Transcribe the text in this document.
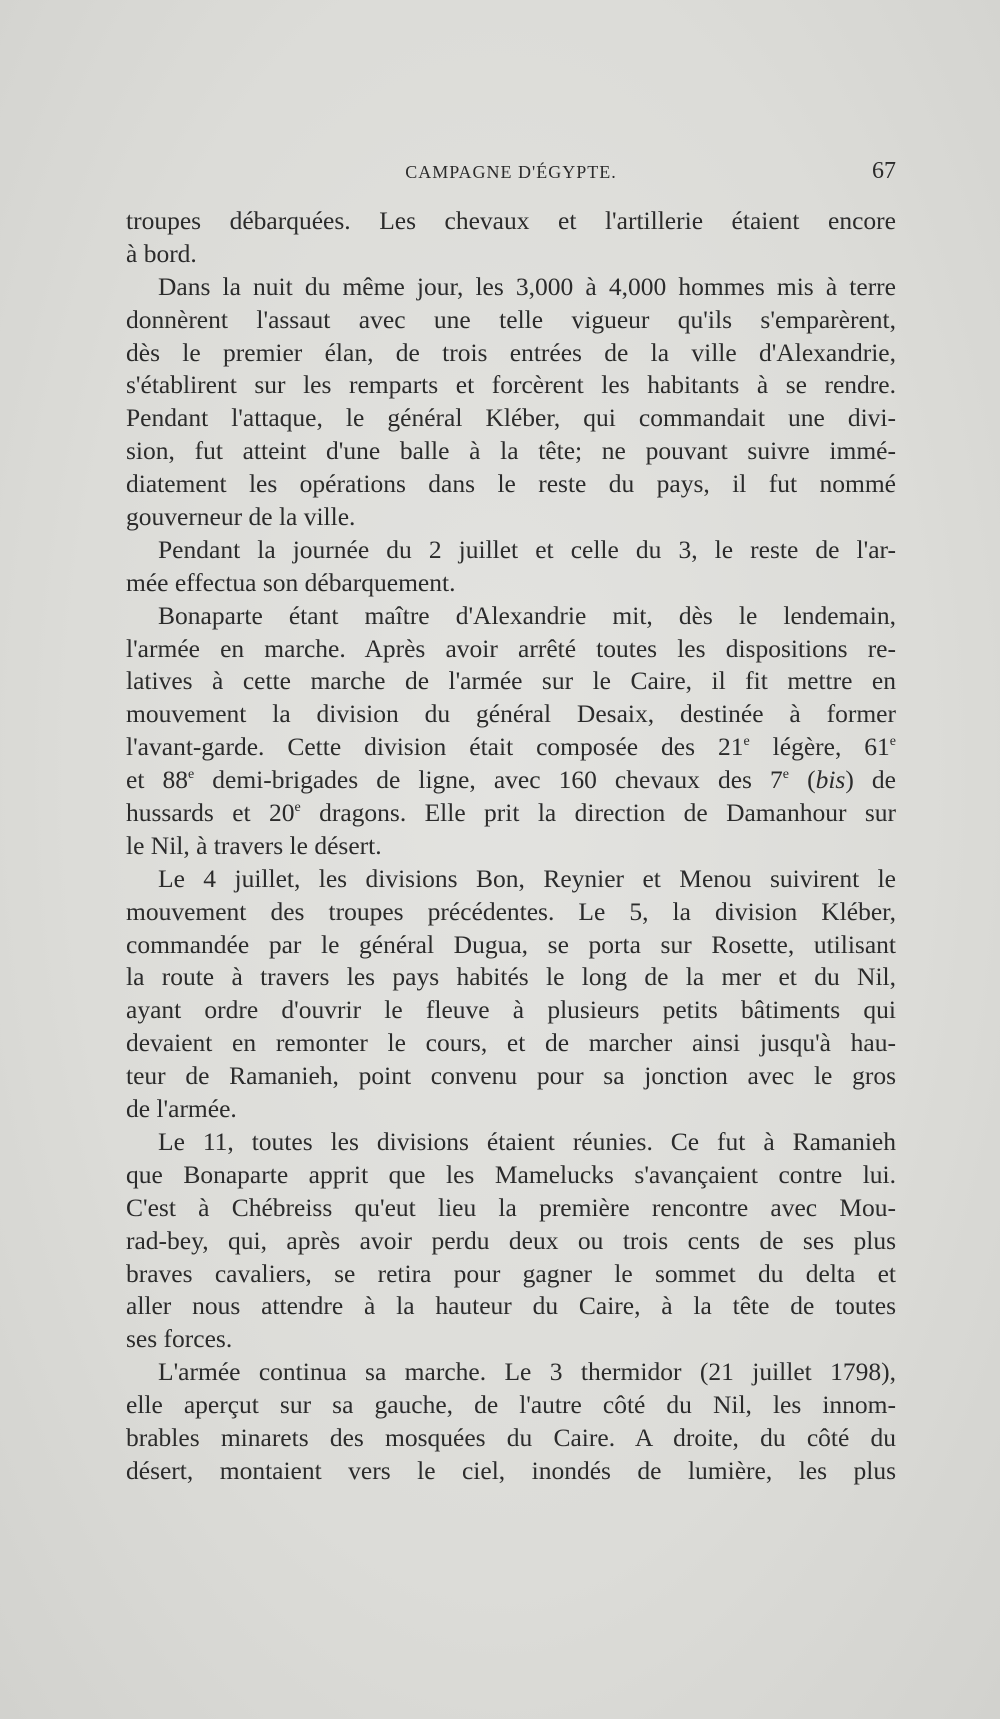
CAMPAGNE D'ÉGYPTE.	67
troupes débarquées. Les chevaux et l'artillerie étaient encore
à bord.
Dans la nuit du même jour, les 3,000 à 4,000 hommes mis à terre
donnèrent l'assaut avec une telle vigueur qu'ils s'emparèrent,
dès le premier élan, de trois entrées de la ville d'Alexandrie,
s'établirent sur les remparts et forcèrent les habitants à se rendre.
Pendant l'attaque, le général Kléber, qui commandait une divi-
sion, fut atteint d'une balle à la tête; ne pouvant suivre immé-
diatement les opérations dans le reste du pays, il fut nommé
gouverneur de la ville.
Pendant la journée du 2 juillet et celle du 3, le reste de l'ar-
mée effectua son débarquement.
Bonaparte étant maître d'Alexandrie mit, dès le lendemain,
l'armée en marche. Après avoir arrêté toutes les dispositions re-
latives à cette marche de l'armée sur le Caire, il fit mettre en
mouvement la division du général Desaix, destinée à former
l'avant-garde. Cette division était composée des 21e légère, 61e
et 88e demi-brigades de ligne, avec 160 chevaux des 7e (bis) de
hussards et 20e dragons. Elle prit la direction de Damanhour sur
le Nil, à travers le désert.
Le 4 juillet, les divisions Bon, Reynier et Menou suivirent le
mouvement des troupes précédentes. Le 5, la division Kléber,
commandée par le général Dugua, se porta sur Rosette, utilisant
la route à travers les pays habités le long de la mer et du Nil,
ayant ordre d'ouvrir le fleuve à plusieurs petits bâtiments qui
devaient en remonter le cours, et de marcher ainsi jusqu'à hau-
teur de Ramanieh, point convenu pour sa jonction avec le gros
de l'armée.
Le 11, toutes les divisions étaient réunies. Ce fut à Ramanieh
que Bonaparte apprit que les Mamelucks s'avançaient contre lui.
C'est à Chébreiss qu'eut lieu la première rencontre avec Mou-
rad-bey, qui, après avoir perdu deux ou trois cents de ses plus
braves cavaliers, se retira pour gagner le sommet du delta et
aller nous attendre à la hauteur du Caire, à la tête de toutes
ses forces.
L'armée continua sa marche. Le 3 thermidor (21 juillet 1798),
elle aperçut sur sa gauche, de l'autre côté du Nil, les innom-
brables minarets des mosquées du Caire. A droite, du côté du
désert, montaient vers le ciel, inondés de lumière, les plus
